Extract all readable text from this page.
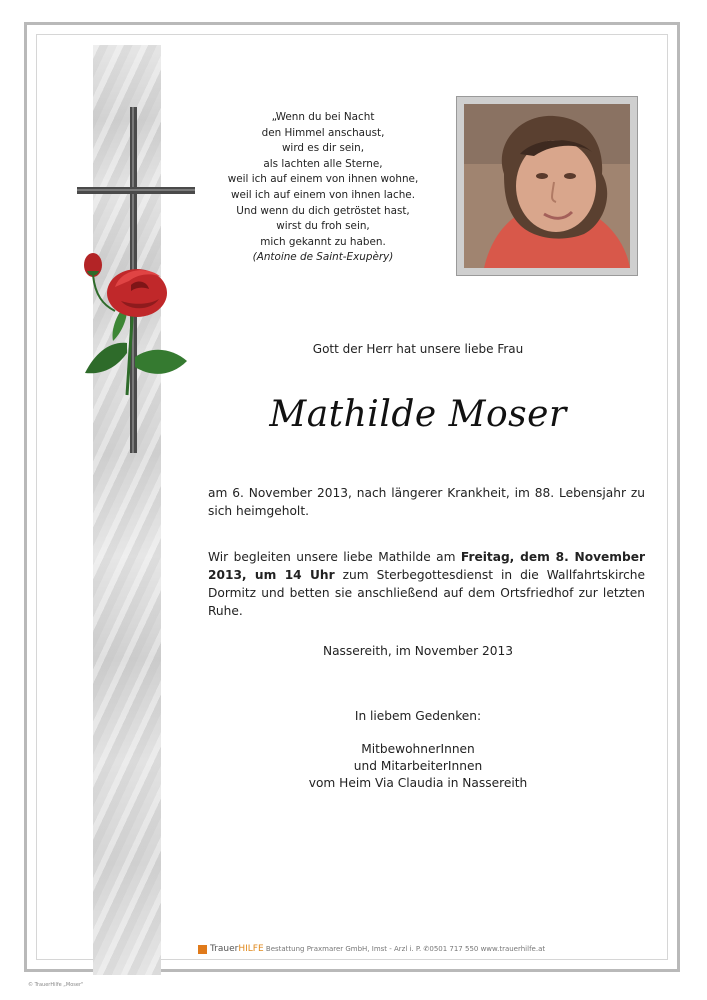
„Wenn du bei Nacht
den Himmel anschaust,
wird es dir sein,
als lachten alle Sterne,
weil ich auf einem von ihnen wohne,
weil ich auf einem von ihnen lache.
Und wenn du dich getröstet hast,
wirst du froh sein,
mich gekannt zu haben.
(Antoine de Saint-Exupèry)
Gott der Herr hat unsere liebe Frau
Mathilde Moser
am 6. November 2013, nach längerer Krankheit, im 88. Lebensjahr zu sich heimgeholt.
Wir begleiten unsere liebe Mathilde am Freitag, dem 8. November 2013, um 14 Uhr zum Sterbegottesdienst in die Wallfahrtskirche Dormitz und betten sie anschließend auf dem Ortsfriedhof zur letzten Ruhe.
Nassereith, im November 2013
In liebem Gedenken:
MitbewohnerInnen
und MitarbeiterInnen
vom Heim Via Claudia in Nassereith
TrauerHILFE Bestattung Praxmarer GmbH, Imst - Arzl i. P. ✆0501 717 550 www.trauerhilfe.at
© TrauerHilfe „Moser"
